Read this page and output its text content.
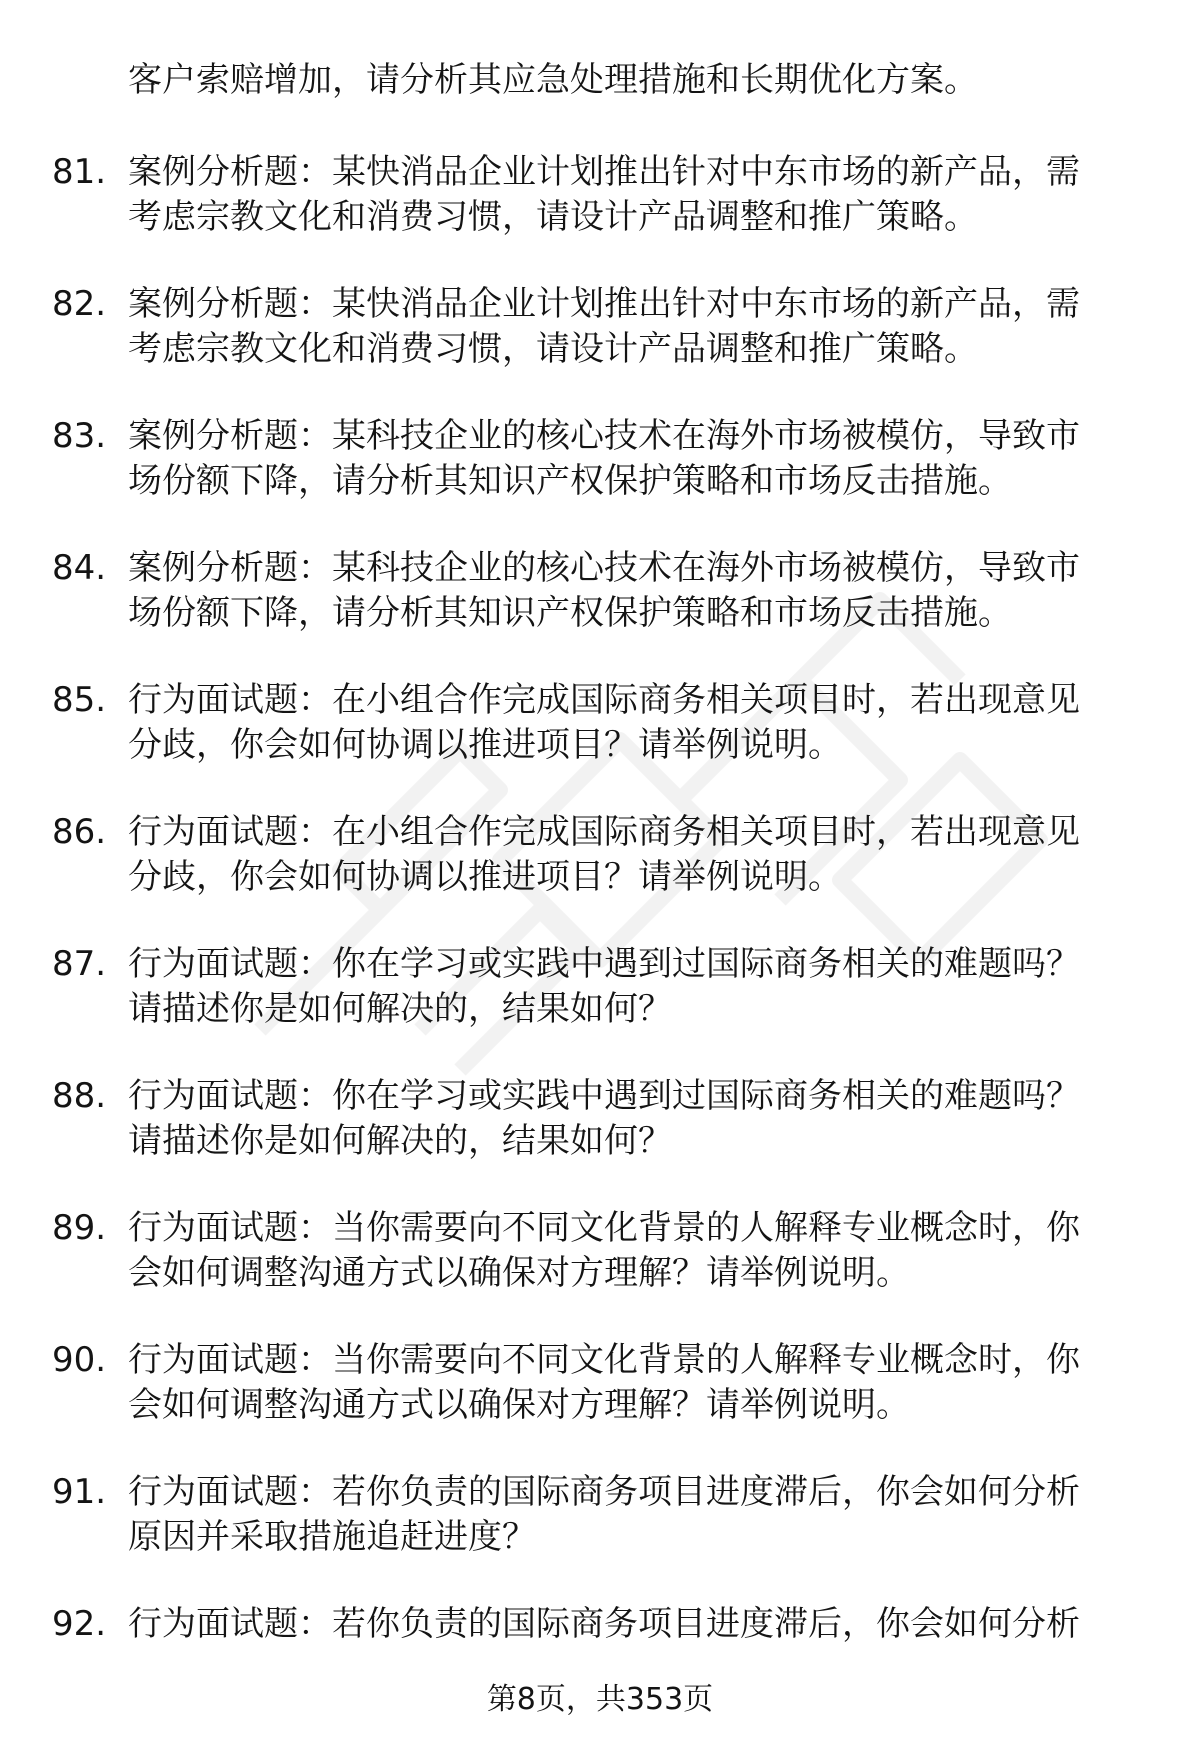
客户索赔增加，请分析其应急处理措施和长期优化方案。
81. 案例分析题：某快消品企业计划推出针对中东市场的新产品，需
考虑宗教文化和消费习惯，请设计产品调整和推广策略。
82. 案例分析题：某快消品企业计划推出针对中东市场的新产品，需
考虑宗教文化和消费习惯，请设计产品调整和推广策略。
83. 案例分析题：某科技企业的核心技术在海外市场被模仿，导致市
场份额下降，请分析其知识产权保护策略和市场反击措施。
84. 案例分析题：某科技企业的核心技术在海外市场被模仿，导致市
场份额下降，请分析其知识产权保护策略和市场反击措施。
85. 行为面试题：在小组合作完成国际商务相关项目时，若出现意见
分歧，你会如何协调以推进项目？请举例说明。
86. 行为面试题：在小组合作完成国际商务相关项目时，若出现意见
分歧，你会如何协调以推进项目？请举例说明。
87. 行为面试题：你在学习或实践中遇到过国际商务相关的难题吗？
请描述你是如何解决的，结果如何？
88. 行为面试题：你在学习或实践中遇到过国际商务相关的难题吗？
请描述你是如何解决的，结果如何？
89. 行为面试题：当你需要向不同文化背景的人解释专业概念时，你
会如何调整沟通方式以确保对方理解？请举例说明。
90. 行为面试题：当你需要向不同文化背景的人解释专业概念时，你
会如何调整沟通方式以确保对方理解？请举例说明。
91. 行为面试题：若你负责的国际商务项目进度滞后，你会如何分析
原因并采取措施追赶进度？
92. 行为面试题：若你负责的国际商务项目进度滞后，你会如何分析
第8页，共353页
